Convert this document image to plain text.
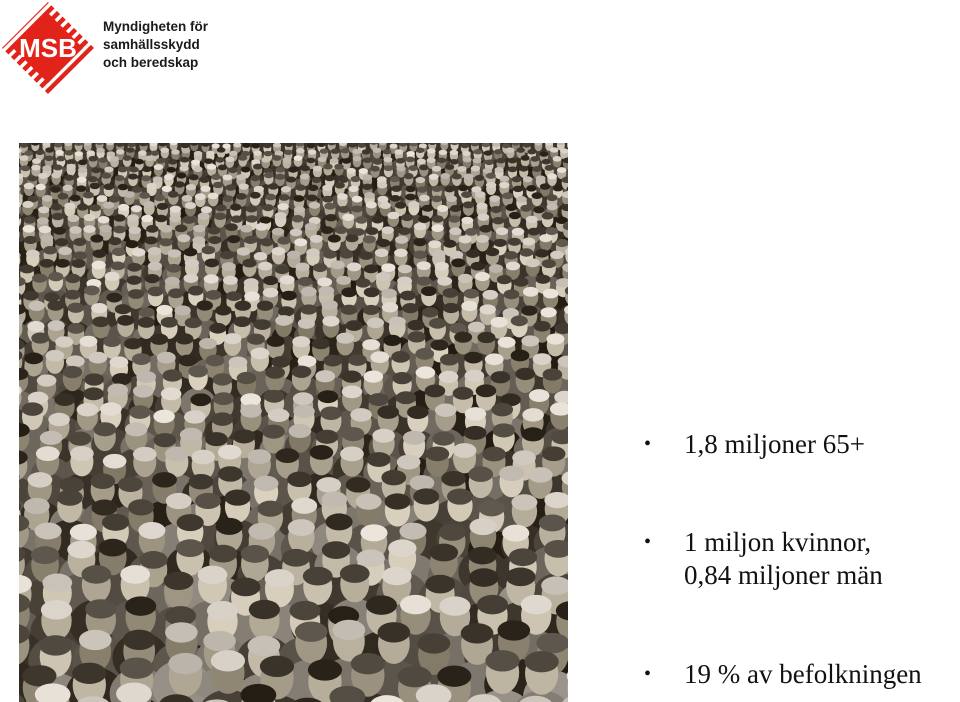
MSB
Myndigheten för
samhällsskydd
och beredskap
•	1,8 miljoner 65+
•	1 miljon kvinnor,
0,84 miljoner män
•	19 % av befolkningen
